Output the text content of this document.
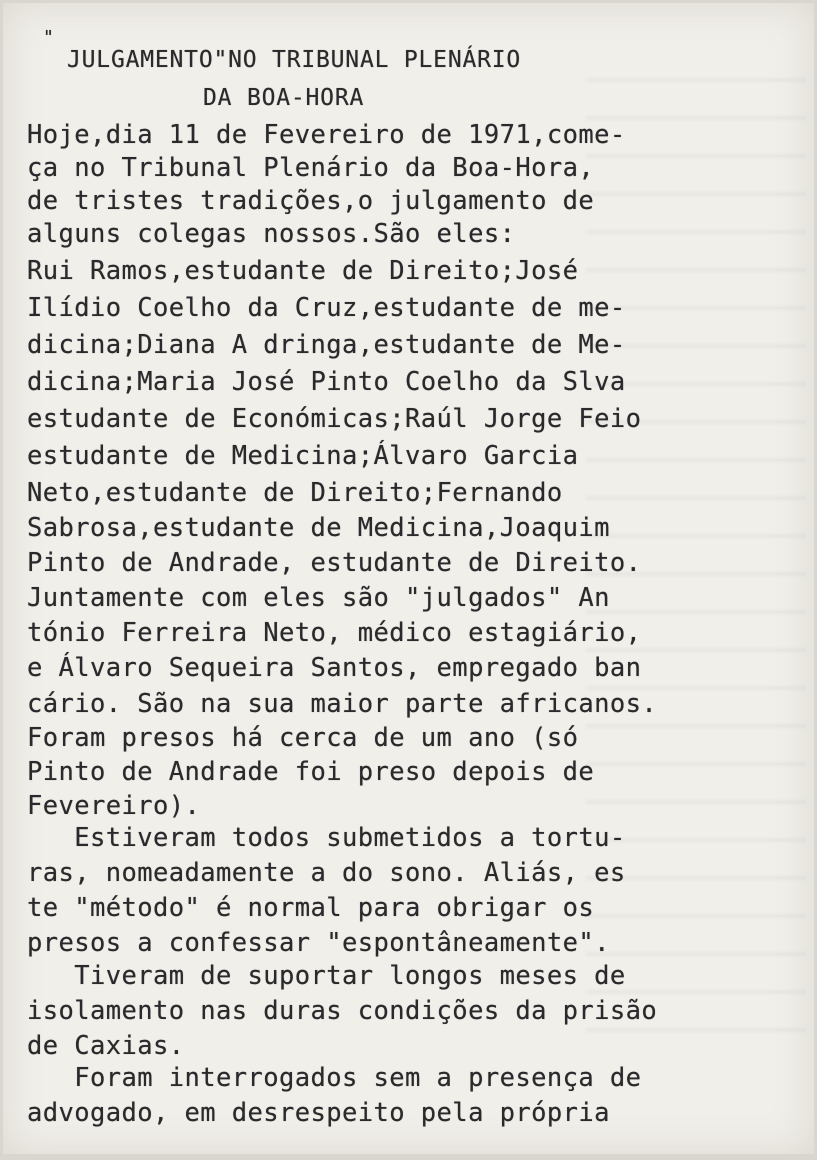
"
JULGAMENTO"NO TRIBUNAL PLENÁRIO
DA BOA-HORA
Hoje,dia 11 de Fevereiro de 1971,come-
ça no Tribunal Plenário da Boa-Hora,
de tristes tradições,o julgamento de
alguns colegas nossos.São eles:
Rui Ramos,estudante de Direito;José
Ilídio Coelho da Cruz,estudante de me-
dicina;Diana A dringa,estudante de Me-
dicina;Maria José Pinto Coelho da Slva
estudante de Económicas;Raúl Jorge Feio
estudante de Medicina;Álvaro Garcia
Neto,estudante de Direito;Fernando
Sabrosa,estudante de Medicina,Joaquim
Pinto de Andrade, estudante de Direito.
Juntamente com eles são "julgados" An
tónio Ferreira Neto, médico estagiário,
e Álvaro Sequeira Santos, empregado ban
cário. São na sua maior parte africanos.
Foram presos há cerca de um ano (só
Pinto de Andrade foi preso depois de
Fevereiro).
Estiveram todos submetidos a tortu-
ras, nomeadamente a do sono. Aliás, es
te "método" é normal para obrigar os
presos a confessar "espontâneamente".
Tiveram de suportar longos meses de
isolamento nas duras condições da prisão
de Caxias.
Foram interrogados sem a presença de
advogado, em desrespeito pela própria
